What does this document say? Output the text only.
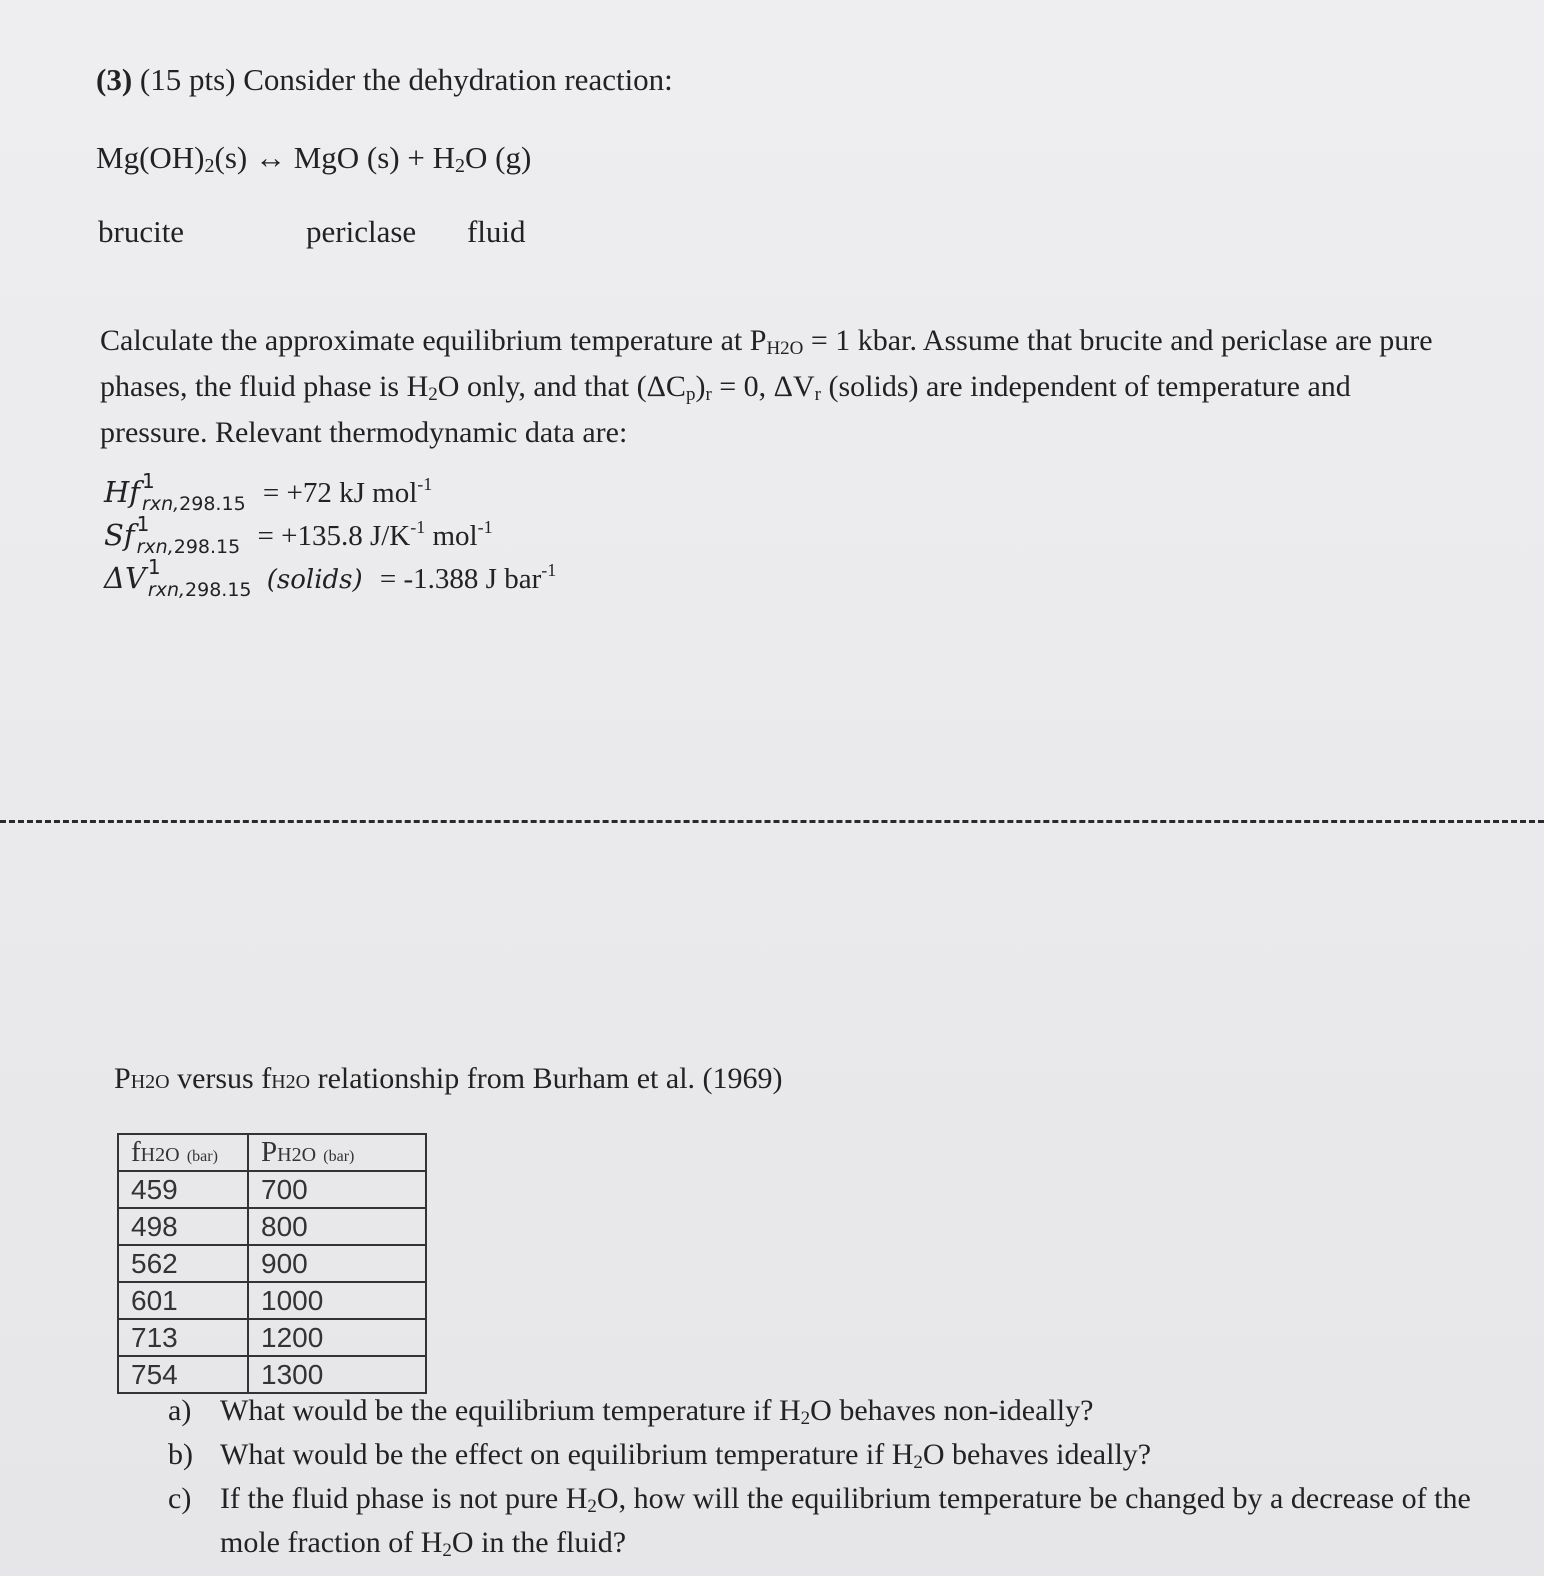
(3) (15 pts) Consider the dehydration reaction:
$Mg(OH)_2(s)$ ↔ MgO $(s) + H_2O$ (g)
brucite	periclase fluid
Calculate the approximate equilibrium temperature at $P_{H2O} = 1$ kbar. Assume that brucite and periclase are pure phases, the fluid phase is $H_2O$ only, and that $(\Delta C_p)_r = 0$, $\Delta V_r$ (solids) are independent of temperature and pressure. Relevant thermodynamic data are:
Hf 1
$_{rxn,298.15}$ = +72 kJ mol$^{-1}$
Sf 1
$_{rxn,298.15}$ = +135.8 $J/K^{-1}$ mol$^{-1}$
ΔV 1
$_{rxn,298.15}$ (solids) = -1.388 J bar$^{-1}$
PH2O versus fH2O relationship from Burham et al. (1969)
fH2O (bar)	PH2O (bar)
459	700
498	800
562	900
601	1000
713	1200
754	1300
a) What would be the equilibrium temperature if $H_2O$ behaves non-ideally?
b) What would be the effect on equilibrium temperature if $H_2O$ behaves ideally?
c) If the fluid phase is not pure $H_2O$, how will the equilibrium temperature be changed by a decrease of the mole fraction of $H_2O$ in the fluid?
